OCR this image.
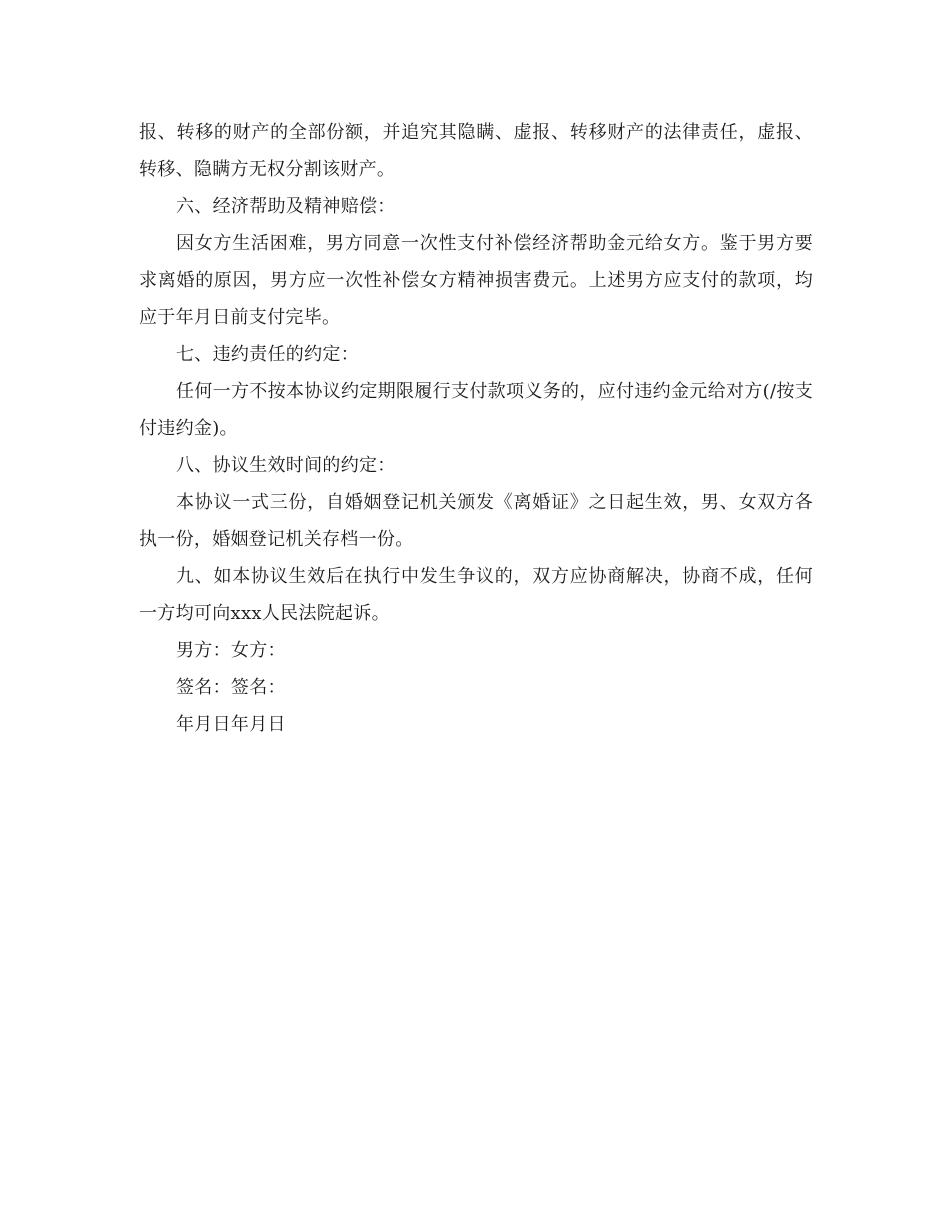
报、转移的财产的全部份额，并追究其隐瞒、虚报、转移财产的法律责任，虚报、转移、隐瞒方无权分割该财产。

六、经济帮助及精神赔偿：

因女方生活困难，男方同意一次性支付补偿经济帮助金元给女方。鉴于男方要求离婚的原因，男方应一次性补偿女方精神损害费元。上述男方应支付的款项，均应于年月日前支付完毕。

七、违约责任的约定：

任何一方不按本协议约定期限履行支付款项义务的，应付违约金元给对方(/按支付违约金)。

八、协议生效时间的约定：

本协议一式三份，自婚姻登记机关颁发《离婚证》之日起生效，男、女双方各执一份，婚姻登记机关存档一份。

九、如本协议生效后在执行中发生争议的，双方应协商解决，协商不成，任何一方均可向xxx人民法院起诉。

男方：女方：

签名：签名：

年月日年月日
